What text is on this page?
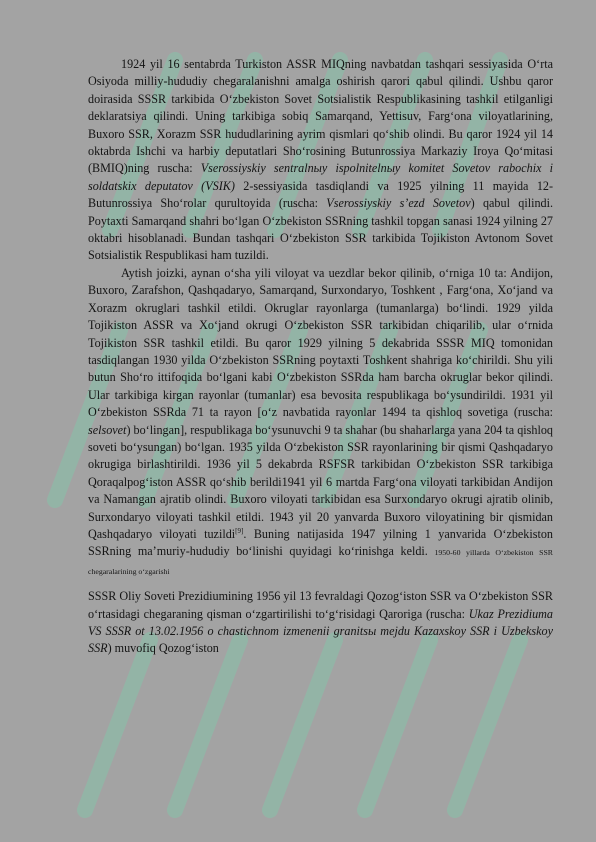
1924 yil 16 sentabrda Turkiston ASSR MIQning navbatdan tashqari sessiyasida O‘rta Osiyoda milliy-hududiy chegaralanishni amalga oshirish qarori qabul qilindi. Ushbu qaror doirasida SSSR tarkibida O‘zbekiston Sovet Sotsialistik Respublikasining tashkil etilganligi deklaratsiya qilindi. Uning tarkibiga sobiq Samarqand, Yettisuv, Farg‘ona viloyatlarining, Buxoro SSR, Xorazm SSR hududlarining ayrim qismlari qo‘shib olindi. Bu qaror 1924 yil 14 oktabrda Ishchi va harbiy deputatlari Sho‘rosining Butunrossiya Markaziy Iroya Qo‘mitasi (BMIQ)ning ruscha: Vserossiyskiy sentralnыy ispolnitelnыy komitet Sovetov rabochix i soldatskix deputatov (VSIK) 2-sessiyasida tasdiqlandi va 1925 yilning 11 mayida 12-Butunrossiya Sho‘rolar qurultoyida (ruscha: Vserossiyskiy s’ezd Sovetov) qabul qilindi. Poytaxti Samarqand shahri bo‘lgan O‘zbekiston SSRning tashkil topgan sanasi 1924 yilning 27 oktabri hisoblanadi. Bundan tashqari O‘zbekiston SSR tarkibida Tojikiston Avtonom Sovet Sotsialistik Respublikasi ham tuzildi.

Aytish joizki, aynan o‘sha yili viloyat va uezdlar bekor qilinib, o‘rniga 10 ta: Andijon, Buxoro, Zarafshon, Qashqadaryo, Samarqand, Surxondaryo, Toshkent , Farg‘ona, Xo‘jand va Xorazm okruglari tashkil etildi. Okruglar rayonlarga (tumanlarga) bo‘lindi. 1929 yilda Tojikiston ASSR va Xo‘jand okrugi O‘zbekiston SSR tarkibidan chiqarilib, ular o‘rnida Tojikiston SSR tashkil etildi. Bu qaror 1929 yilning 5 dekabrida SSSR MIQ tomonidan tasdiqlangan 1930 yilda O‘zbekiston SSRning poytaxti Toshkent shahriga ko‘chirildi. Shu yili butun Sho‘ro ittifoqida bo‘lgani kabi O‘zbekiston SSRda ham barcha okruglar bekor qilindi. Ular tarkibiga kirgan rayonlar (tumanlar) esa bevosita respublikaga bo‘ysundirildi. 1931 yil O‘zbekiston SSRda 71 ta rayon [o‘z navbatida rayonlar 1494 ta qishloq sovetiga (ruscha: selsovet) bo‘lingan], respublikaga bo‘ysunuvchi 9 ta shahar (bu shaharlarga yana 204 ta qishloq soveti bo‘ysungan) bo‘lgan. 1935 yilda O‘zbekiston SSR rayonlarining bir qismi Qashqadaryo okrugiga birlashtirildi. 1936 yil 5 dekabrda RSFSR tarkibidan O‘zbekiston SSR tarkibiga Qoraqalpog‘iston ASSR qo‘shib berildi1941 yil 6 martda Farg‘ona viloyati tarkibidan Andijon va Namangan ajratib olindi. Buxoro viloyati tarkibidan esa Surxondaryo okrugi ajratib olinib, Surxondaryo viloyati tashkil etildi. 1943 yil 20 yanvarda Buxoro viloyatining bir qismidan Qashqadaryo viloyati tuzildi[9]. Buning natijasida 1947 yilning 1 yanvarida O‘zbekiston SSRning ma’muriy-hududiy bo‘linishi quyidagi ko‘rinishga keldi. 1950-60 yillarda O‘zbekiston SSR chegaralarining o‘zgarishi

SSSR Oliy Soveti Prezidiumining 1956 yil 13 fevraldagi Qozog‘iston SSR va O‘zbekiston SSR o‘rtasidagi chegaraning qisman o‘zgartirilishi to‘g‘risidagi Qaroriga (ruscha: Ukaz Prezidiuma VS SSSR ot 13.02.1956 o chastichnom izmenenii granitsы mejdu Kazaxskoy SSR i Uzbekskoy SSR) muvofiq Qozog‘iston
